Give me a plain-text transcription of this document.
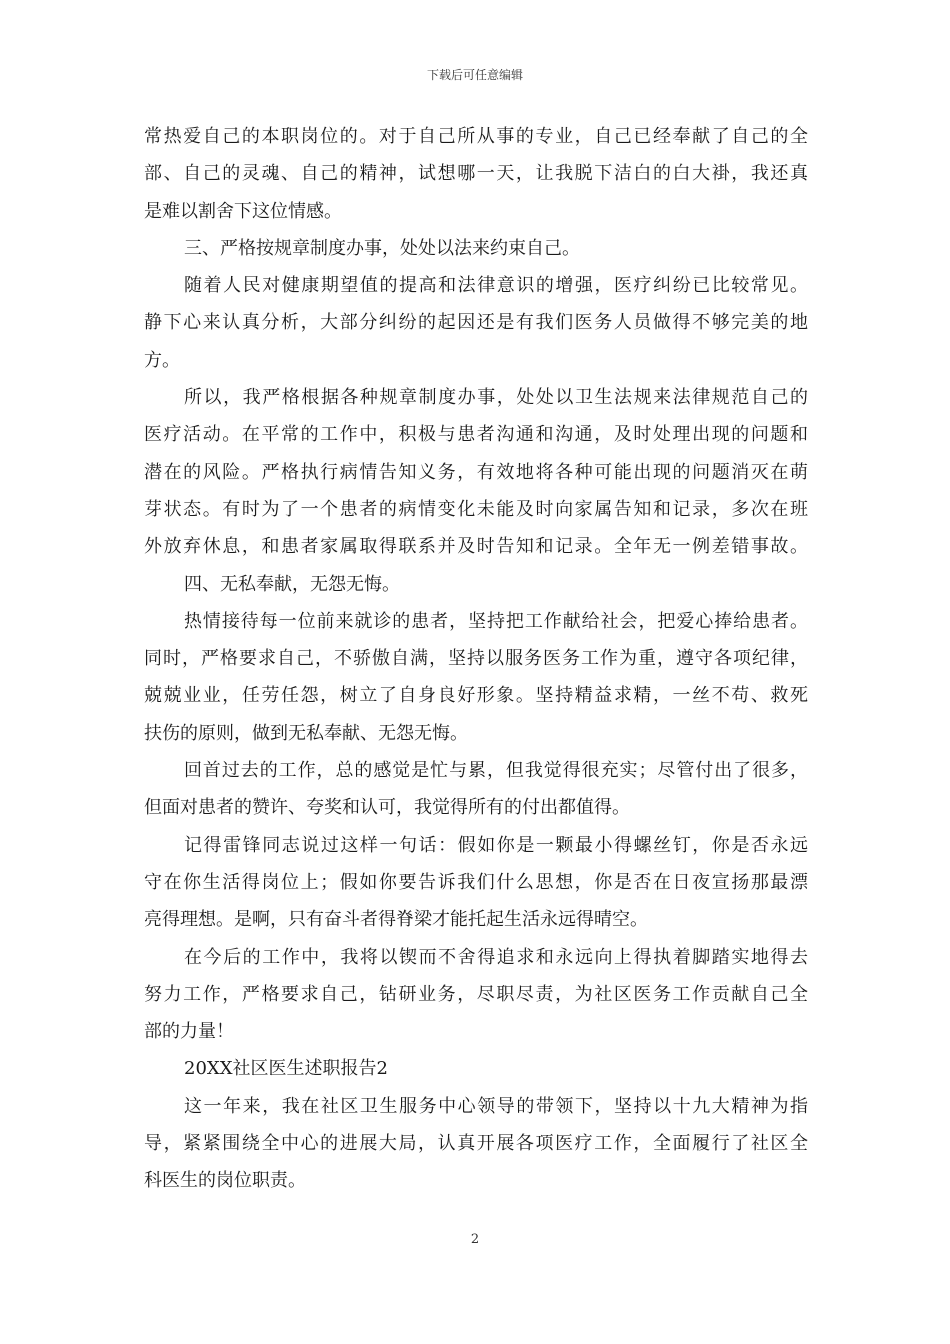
下载后可任意编辑
常热爱自己的本职岗位的。对于自己所从事的专业，自己已经奉献了自己的全
部、自己的灵魂、自己的精神，试想哪一天，让我脱下洁白的白大褂，我还真
是难以割舍下这位情感。
三、严格按规章制度办事，处处以法来约束自己。
随着人民对健康期望值的提高和法律意识的增强，医疗纠纷已比较常见。
静下心来认真分析，大部分纠纷的起因还是有我们医务人员做得不够完美的地
方。
所以，我严格根据各种规章制度办事，处处以卫生法规来法律规范自己的
医疗活动。在平常的工作中，积极与患者沟通和沟通，及时处理出现的问题和
潜在的风险。严格执行病情告知义务，有效地将各种可能出现的问题消灭在萌
芽状态。有时为了一个患者的病情变化未能及时向家属告知和记录，多次在班
外放弃休息，和患者家属取得联系并及时告知和记录。全年无一例差错事故。
四、无私奉献，无怨无悔。
热情接待每一位前来就诊的患者，坚持把工作献给社会，把爱心捧给患者。
同时，严格要求自己，不骄傲自满，坚持以服务医务工作为重，遵守各项纪律，
兢兢业业，任劳任怨，树立了自身良好形象。坚持精益求精，一丝不苟、救死
扶伤的原则，做到无私奉献、无怨无悔。
回首过去的工作，总的感觉是忙与累，但我觉得很充实；尽管付出了很多，
但面对患者的赞许、夸奖和认可，我觉得所有的付出都值得。
记得雷锋同志说过这样一句话：假如你是一颗最小得螺丝钉，你是否永远
守在你生活得岗位上；假如你要告诉我们什么思想，你是否在日夜宣扬那最漂
亮得理想。是啊，只有奋斗者得脊梁才能托起生活永远得晴空。
在今后的工作中，我将以锲而不舍得追求和永远向上得执着脚踏实地得去
努力工作，严格要求自己，钻研业务，尽职尽责，为社区医务工作贡献自己全
部的力量！
20XX社区医生述职报告2
这一年来，我在社区卫生服务中心领导的带领下，坚持以十九大精神为指
导，紧紧围绕全中心的进展大局，认真开展各项医疗工作，全面履行了社区全
科医生的岗位职责。
2
